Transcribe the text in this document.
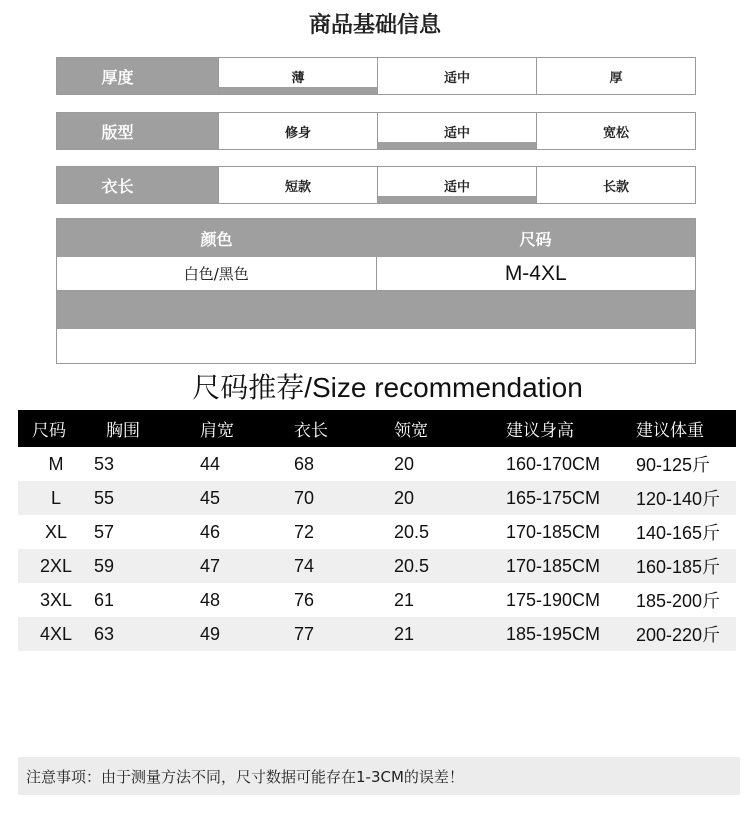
商品基础信息
厚度	薄	适中	厚
版型	修身	适中	宽松
衣长	短款	适中	长款
颜色	尺码
白色/黑色	M-4XL
尺码推荐/Size recommendation
尺码	胸围	肩宽	衣长	领宽	建议身高	建议体重
M	53	44	68	20	160-170CM	90-125斤
L	55	45	70	20	165-175CM	120-140斤
XL	57	46	72	20.5	170-185CM	140-165斤
2XL	59	47	74	20.5	170-185CM	160-185斤
3XL	61	48	76	21	175-190CM	185-200斤
4XL	63	49	77	21	185-195CM	200-220斤
注意事项：由于测量方法不同，尺寸数据可能存在1-3CM的误差！
